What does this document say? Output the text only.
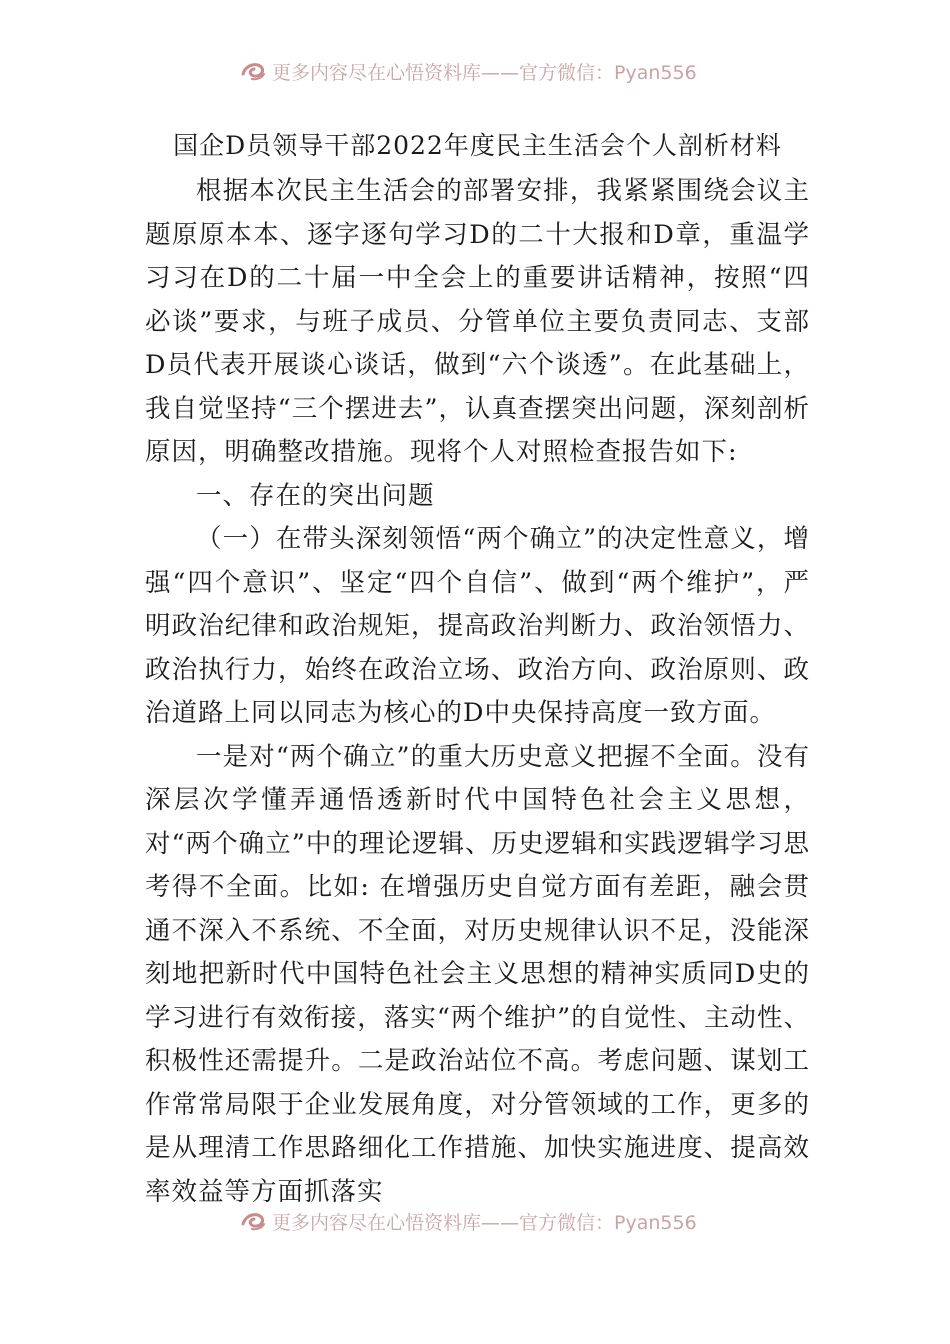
更多内容尽在心悟资料库——官方微信：Pyan556
国企D员领导干部2022年度民主生活会个人剖析材料

根据本次民主生活会的部署安排，我紧紧围绕会议主题原原本本、逐字逐句学习D的二十大报和D章，重温学习习在D的二十届一中全会上的重要讲话精神，按照“四必谈”要求，与班子成员、分管单位主要负责同志、支部D员代表开展谈心谈话，做到“六个谈透”。在此基础上，我自觉坚持“三个摆进去”，认真查摆突出问题，深刻剖析原因，明确整改措施。现将个人对照检查报告如下:

一、存在的突出问题

（一）在带头深刻领悟“两个确立”的决定性意义，增强“四个意识”、坚定“四个自信”、做到“两个维护”，严明政治纪律和政治规矩，提高政治判断力、政治领悟力、政治执行力，始终在政治立场、政治方向、政治原则、政治道路上同以同志为核心的D中央保持高度一致方面。

一是对“两个确立”的重大历史意义把握不全面。没有深层次学懂弄通悟透新时代中国特色社会主义思想，对“两个确立”中的理论逻辑、历史逻辑和实践逻辑学习思考得不全面。比如: 在增强历史自觉方面有差距，融会贯通不深入不系统、不全面，对历史规律认识不足，没能深刻地把新时代中国特色社会主义思想的精神实质同D史的学习进行有效衔接，落实“两个维护”的自觉性、主动性、积极性还需提升。二是政治站位不高。考虑问题、谋划工作常常局限于企业发展角度，对分管领域的工作，更多的是从理清工作思路细化工作措施、加快实施进度、提高效率效益等方面抓落实

更多内容尽在心悟资料库——官方微信：Pyan556
